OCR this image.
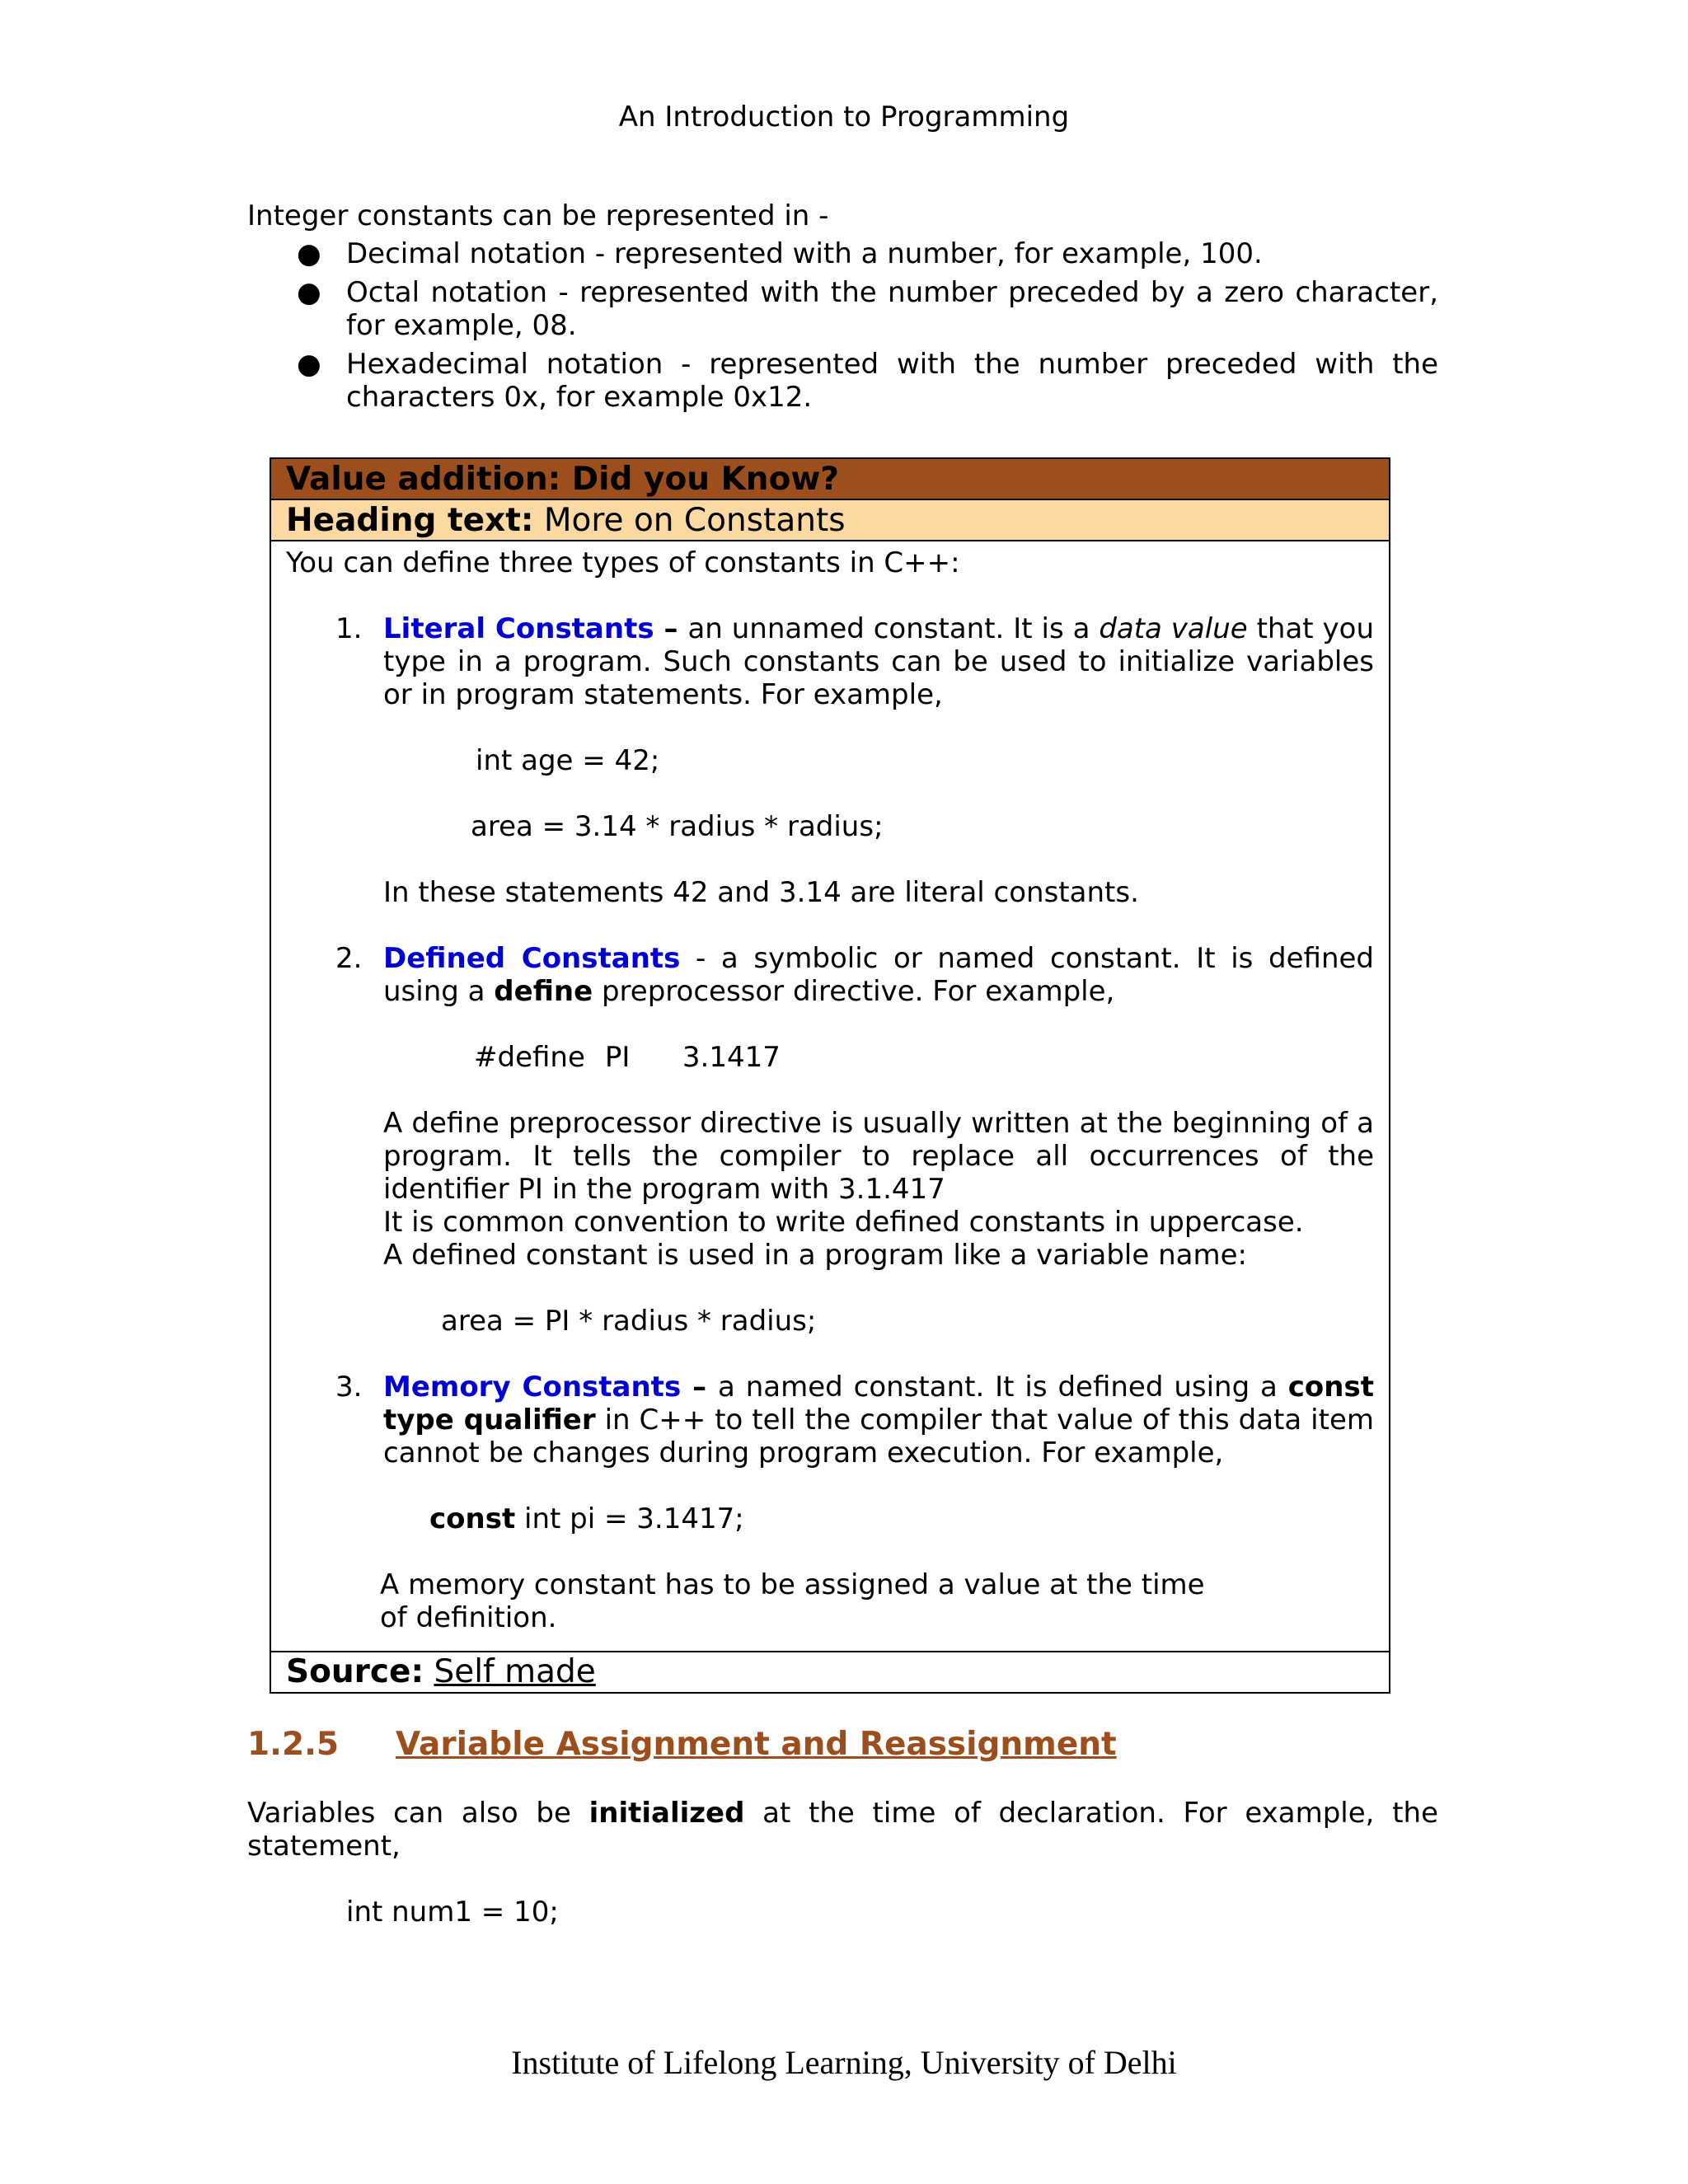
An Introduction to Programming

Integer constants can be represented in -

● Decimal notation - represented with a number, for example, 100.
● Octal notation - represented with the number preceded by a zero character, for example, 08.
● Hexadecimal notation - represented with the number preceded with the characters 0x, for example 0x12.
Value addition: Did you Know?
Heading text: More on Constants

You can define three types of constants in C++:

1. Literal Constants – an unnamed constant. It is a data value that you type in a program. Such constants can be used to initialize variables or in program statements. For example,

int age = 42;

area = 3.14 * radius * radius;

In these statements 42 and 3.14 are literal constants.

2. Defined Constants - a symbolic or named constant. It is defined using a define preprocessor directive. For example,

#define PI 3.1417

A define preprocessor directive is usually written at the beginning of a program. It tells the compiler to replace all occurrences of the identifier PI in the program with 3.1.417

It is common convention to write defined constants in uppercase.

A defined constant is used in a program like a variable name:

area = PI * radius * radius;

3. Memory Constants – a named constant. It is defined using a const type qualifier in C++ to tell the compiler that value of this data item cannot be changes during program execution. For example,

const int pi = 3.1417;

A memory constant has to be assigned a value at the time of definition.

Source: Self made
1.2.5 Variable Assignment and Reassignment

Variables can also be initialized at the time of declaration. For example, the statement,

int num1 = 10;

Institute of Lifelong Learning, University of Delhi
